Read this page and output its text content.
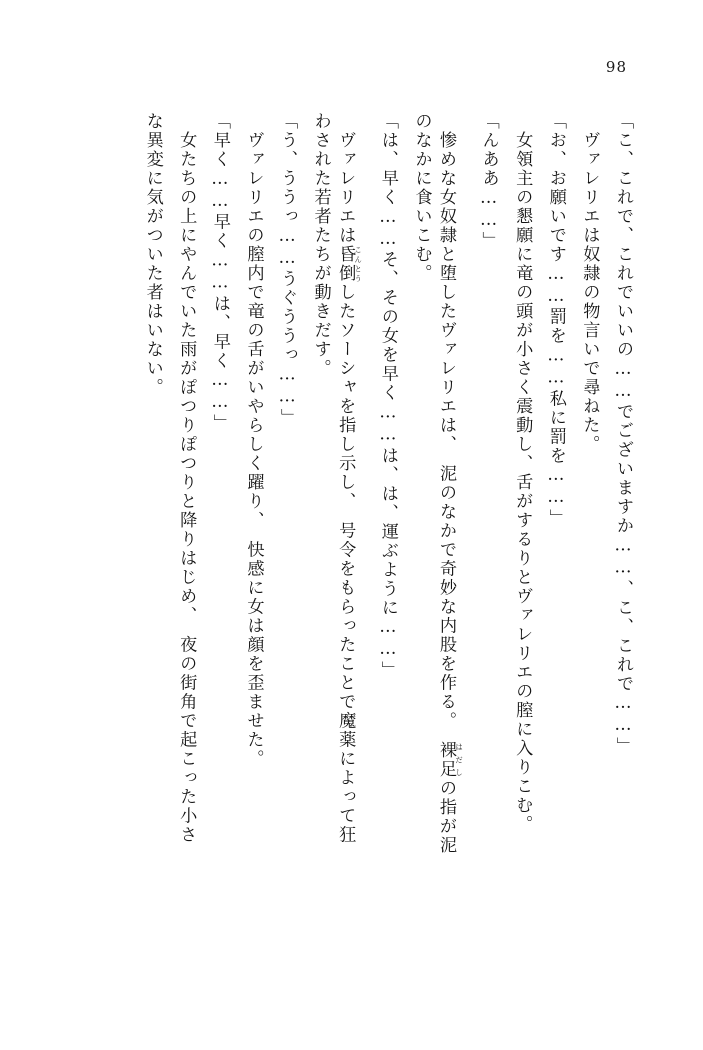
98
「こ、これで、これでいいの……でございますか……、こ、これで……」
　ヴァレリエは奴隷の物言いで尋ねた。
「お、お願いです……罰を……私に罰を……」
　女領主の懇願に竜の頭が小さく震動し、舌がするりとヴァレリエの膣に入りこむ。
「んああ……」
　惨めな女奴隷と堕したヴァレリエは、　泥のなかで奇妙な内股を作る。　裸足はだしの指が泥
のなかに食いこむ。
「は、早く……そ、その女を早く……は、は、運ぶように……」
　ヴァレリエは昏倒こんとうしたソーシャを指し示し、　号令をもらったことで魔薬によって狂
わされた若者たちが動きだす。
「う、ううっ……うぐううっ……」
　ヴァレリエの膣内で竜の舌がいやらしく躍り、　快感に女は顔を歪ませた。
「早く……早く……は、早く……」
　女たちの上にやんでいた雨がぽつりぽつりと降りはじめ、　夜の街角で起こった小さ
な異変に気がついた者はいない。
